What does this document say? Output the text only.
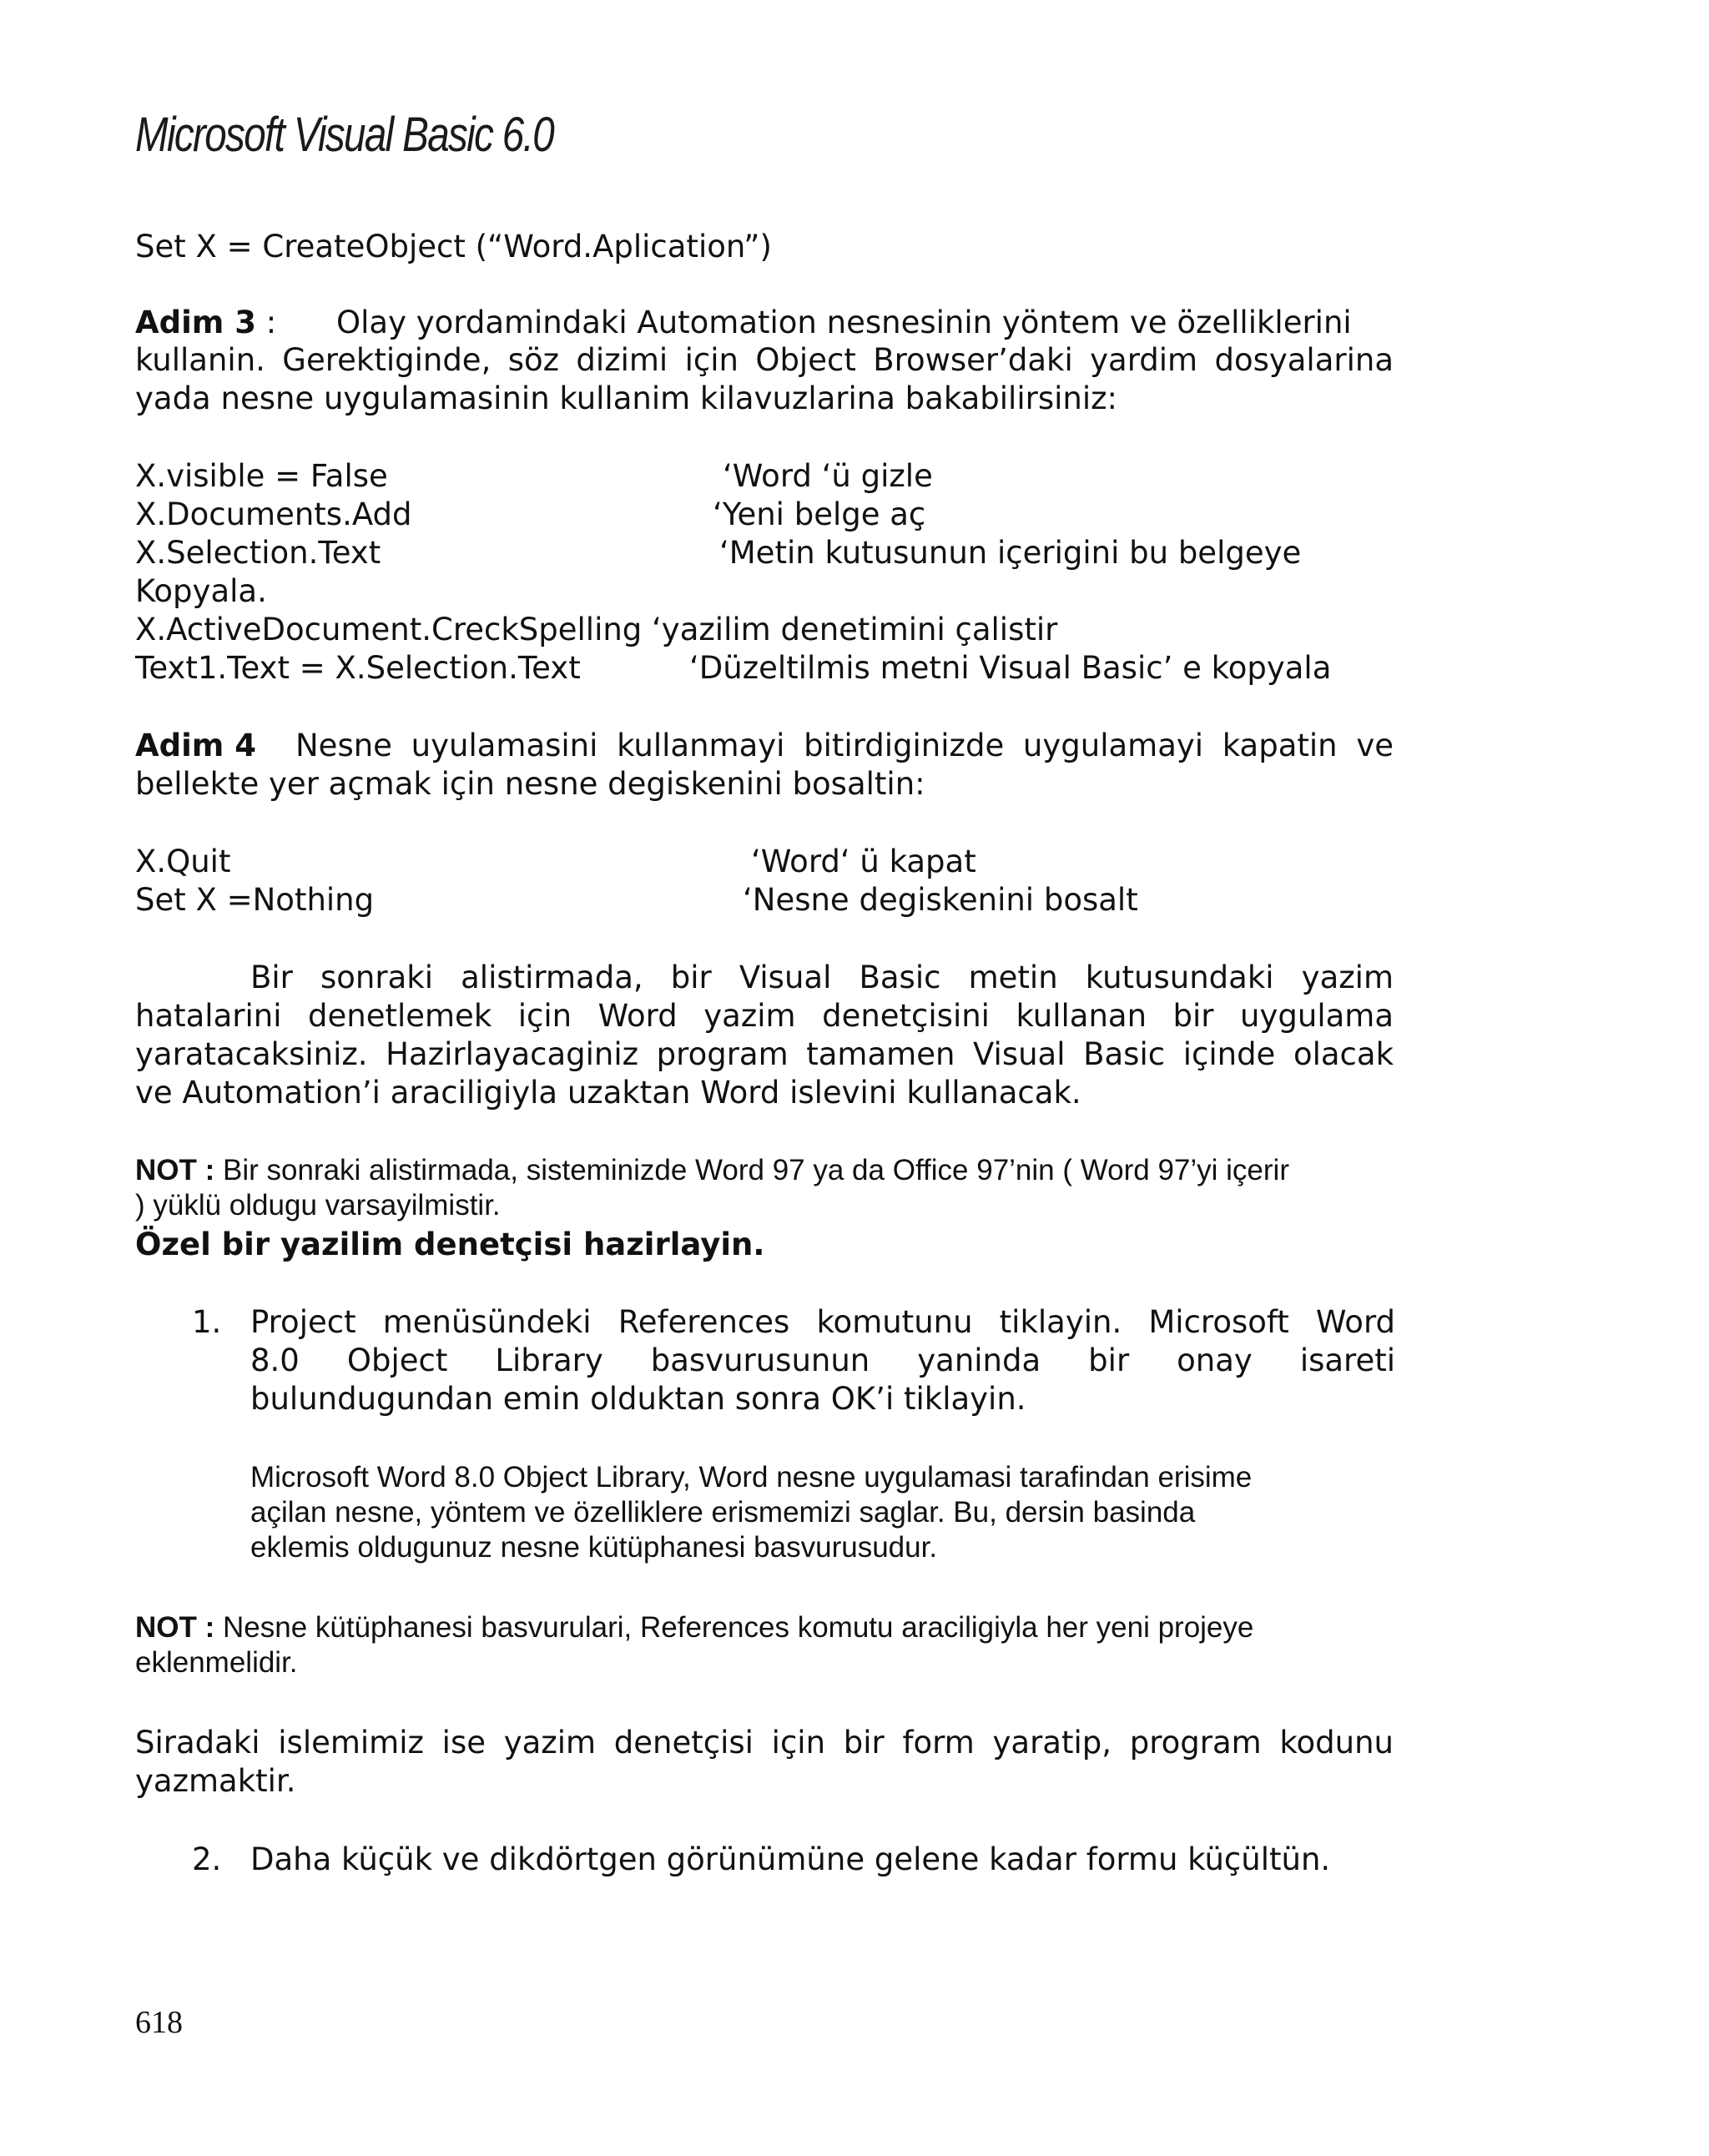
Microsoft Visual Basic 6.0
Set X = CreateObject (“Word.Aplication”)
Adim 3 : Olay yordamindaki Automation nesnesinin yöntem ve özelliklerini
kullanin. Gerektiginde, söz dizimi için Object Browser’daki yardim dosyalarina
yada nesne uygulamasinin kullanim kilavuzlarina bakabilirsiniz:
X.visible = False	‘Word ‘ü gizle
X.Documents.Add	‘Yeni belge aç
X.Selection.Text	‘Metin kutusunun içerigini bu belgeye
Kopyala.
X.ActiveDocument.CreckSpelling ‘yazilim denetimini çalistir
Text1.Text = X.Selection.Text	‘Düzeltilmis metni Visual Basic’ e kopyala
Adim 4 Nesne uyulamasini kullanmayi bitirdiginizde uygulamayi kapatin ve
bellekte yer açmak için nesne degiskenini bosaltin:
X.Quit	‘Word‘ ü kapat
Set X =Nothing	‘Nesne degiskenini bosalt
Bir sonraki alistirmada, bir Visual Basic metin kutusundaki yazim
hatalarini denetlemek için Word yazim denetçisini kullanan bir uygulama
yaratacaksiniz. Hazirlayacaginiz program tamamen Visual Basic içinde olacak
ve Automation’i araciligiyla uzaktan Word islevini kullanacak.
NOT : Bir sonraki alistirmada, sisteminizde Word 97 ya da Office 97’nin ( Word 97’yi içerir
) yüklü oldugu varsayilmistir.
Özel bir yazilim denetçisi hazirlayin.
1. Project menüsündeki References komutunu tiklayin. Microsoft Word
8.0 Object Library basvurusunun yaninda bir onay isareti
bulundugundan emin olduktan sonra OK’i tiklayin.
Microsoft Word 8.0 Object Library, Word nesne uygulamasi tarafindan erisime
açilan nesne, yöntem ve özelliklere erismemizi saglar. Bu, dersin basinda
eklemis oldugunuz nesne kütüphanesi basvurusudur.
NOT : Nesne kütüphanesi basvurulari, References komutu araciligiyla her yeni projeye
eklenmelidir.
Siradaki islemimiz ise yazim denetçisi için bir form yaratip, program kodunu
yazmaktir.
2. Daha küçük ve dikdörtgen görünümüne gelene kadar formu küçültün.
618
